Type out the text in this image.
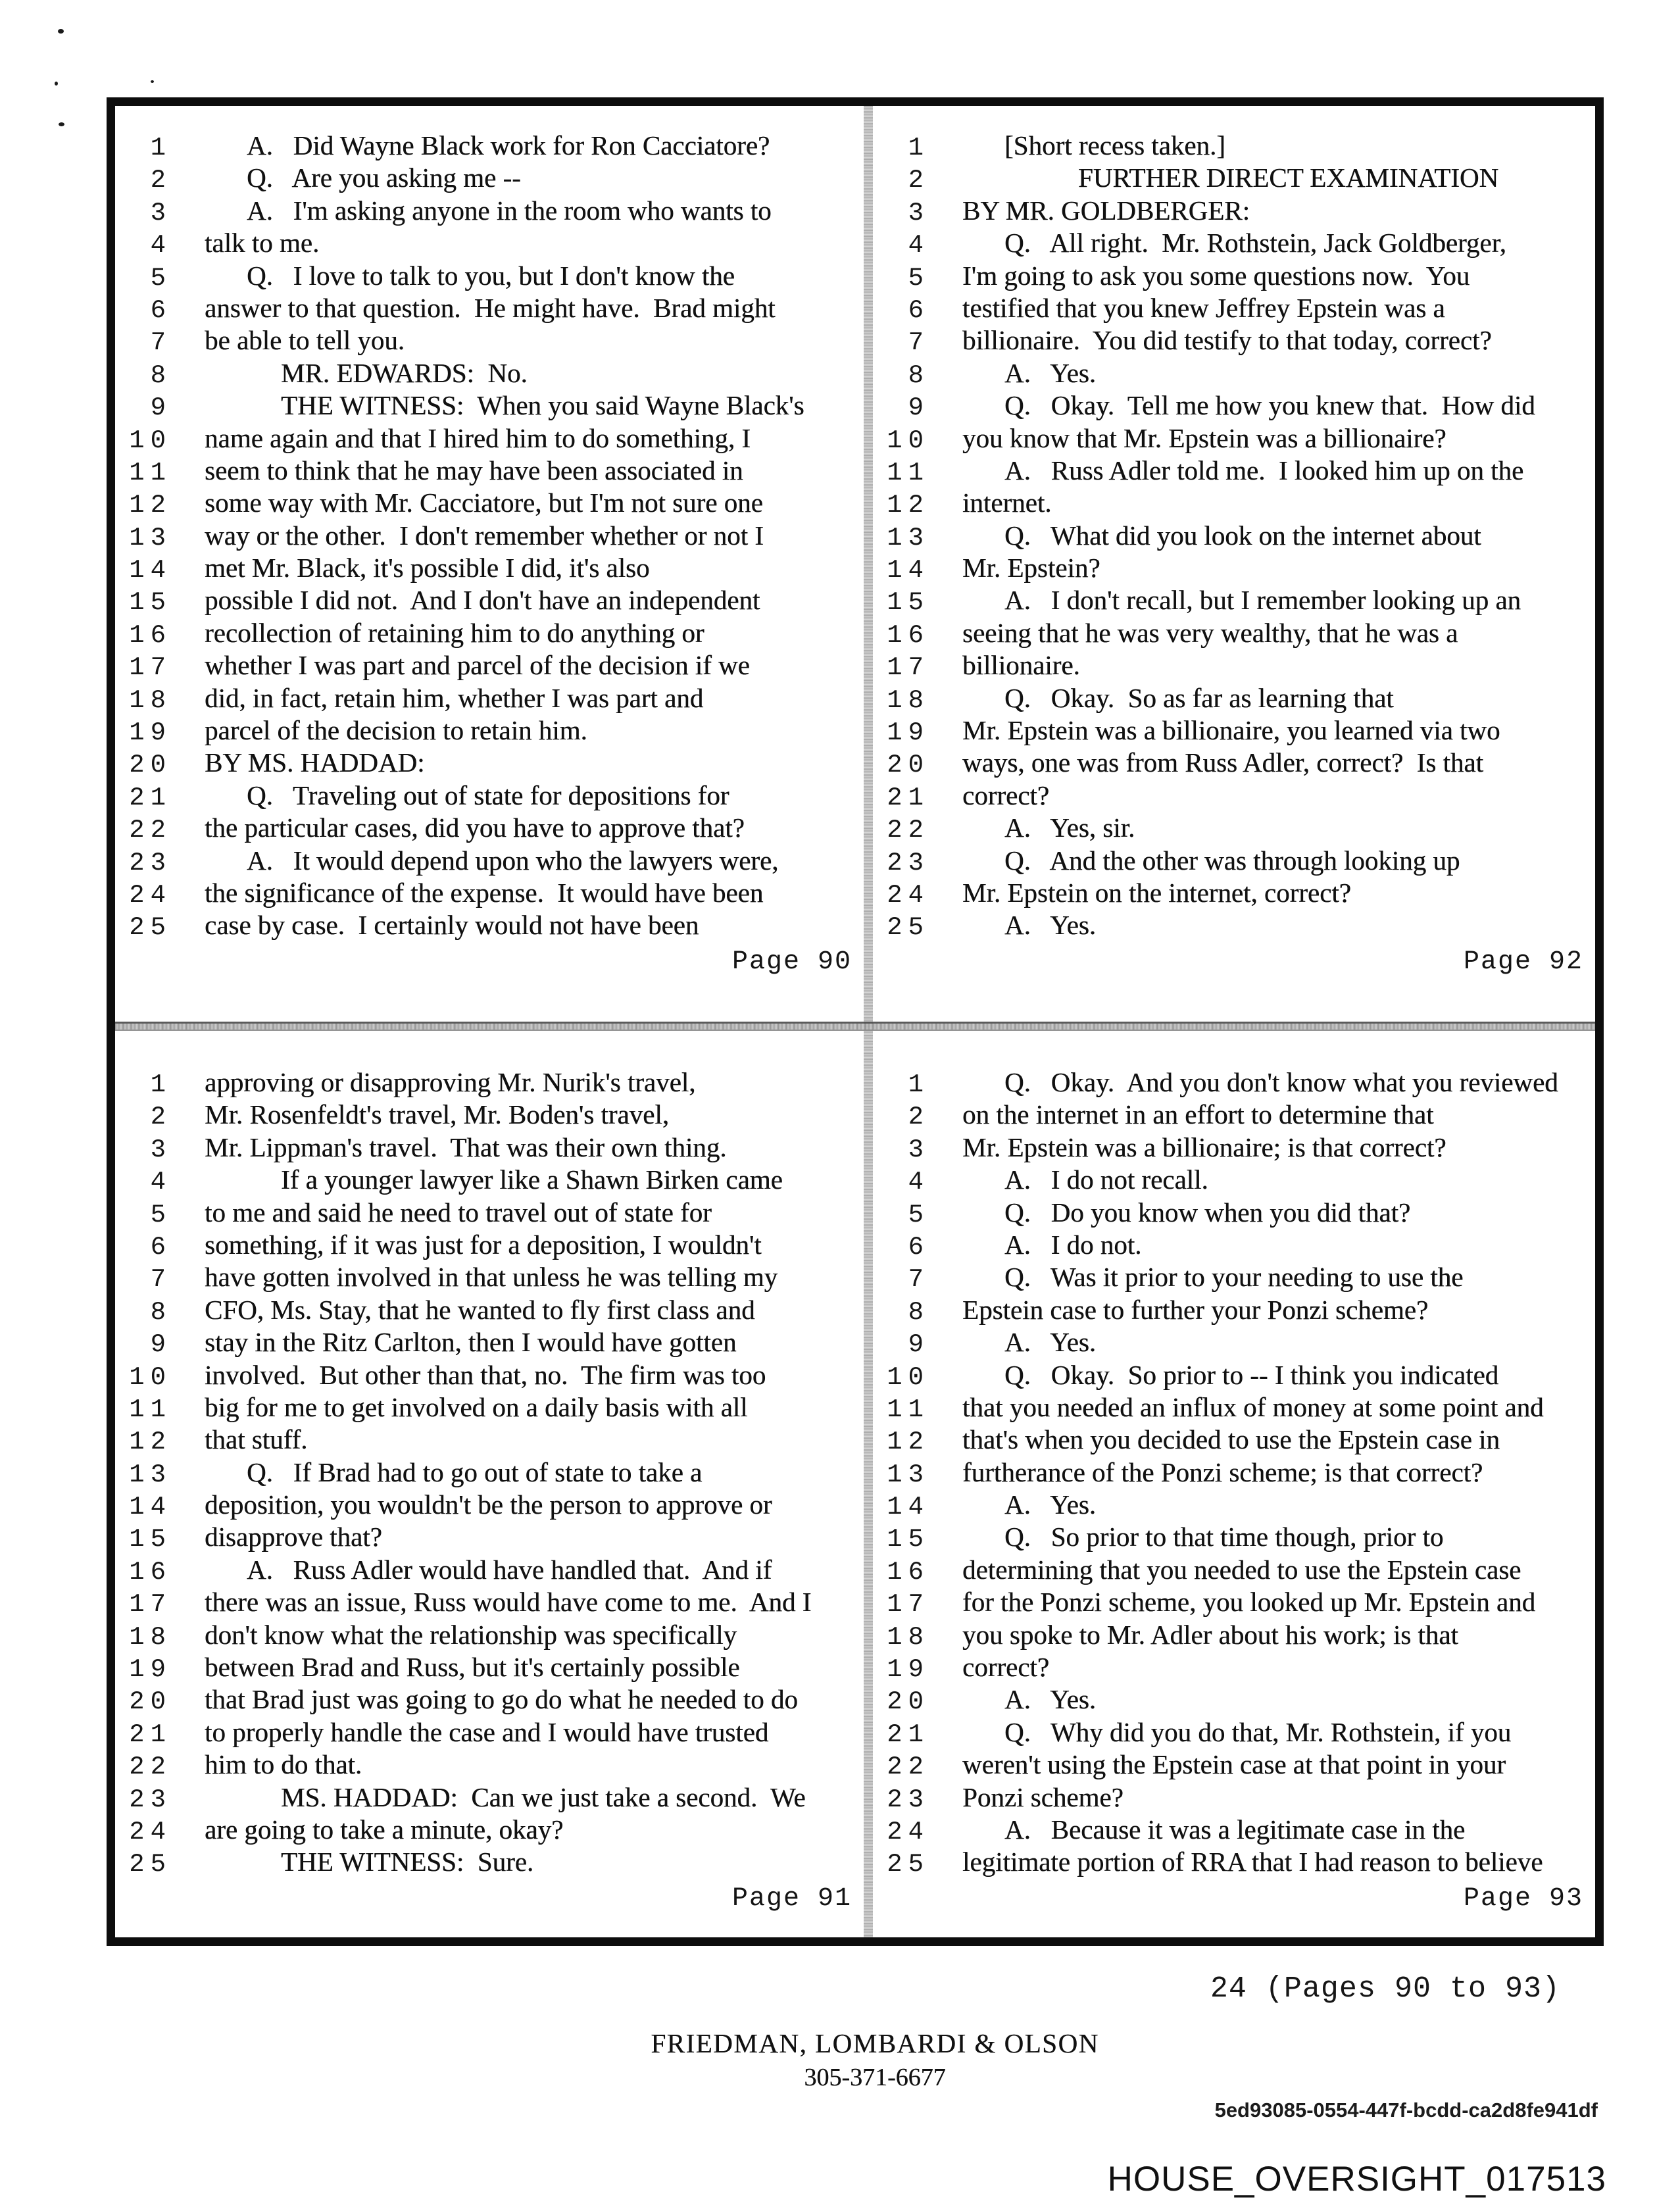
1	A.   Did Wayne Black work for Ron Cacciatore?
2	Q.   Are you asking me --
3	A.   I'm asking anyone in the room who wants to
4 talk to me.
5	Q.   I love to talk to you, but I don't know the
6 answer to that question.  He might have.  Brad might
7 be able to tell you.
8	MR. EDWARDS:  No.
9	THE WITNESS:  When you said Wayne Black's
10 name again and that I hired him to do something, I
11 seem to think that he may have been associated in
12 some way with Mr. Cacciatore, but I'm not sure one
13 way or the other.  I don't remember whether or not I
14 met Mr. Black, it's possible I did, it's also
15 possible I did not.  And I don't have an independent
16 recollection of retaining him to do anything or
17 whether I was part and parcel of the decision if we
18 did, in fact, retain him, whether I was part and
19 parcel of the decision to retain him.
20 BY MS. HADDAD:
21	Q.   Traveling out of state for depositions for
22 the particular cases, did you have to approve that?
23	A.   It would depend upon who the lawyers were,
24 the significance of the expense.  It would have been
25 case by case.  I certainly would not have been
Page 90
1	[Short recess taken.]
2	FURTHER DIRECT EXAMINATION
3 BY MR. GOLDBERGER:
4	Q.   All right.  Mr. Rothstein, Jack Goldberger,
5 I'm going to ask you some questions now.  You
6 testified that you knew Jeffrey Epstein was a
7 billionaire.  You did testify to that today, correct?
8	A.   Yes.
9	Q.   Okay.  Tell me how you knew that.  How did
10 you know that Mr. Epstein was a billionaire?
11	A.   Russ Adler told me.  I looked him up on the
12 internet.
13	Q.   What did you look on the internet about
14 Mr. Epstein?
15	A.   I don't recall, but I remember looking up an
16 seeing that he was very wealthy, that he was a
17 billionaire.
18	Q.   Okay.  So as far as learning that
19 Mr. Epstein was a billionaire, you learned via two
20 ways, one was from Russ Adler, correct?  Is that
21 correct?
22	A.   Yes, sir.
23	Q.   And the other was through looking up
24 Mr. Epstein on the internet, correct?
25	A.   Yes.
Page 92
1 approving or disapproving Mr. Nurik's travel,
2 Mr. Rosenfeldt's travel, Mr. Boden's travel,
3 Mr. Lippman's travel.  That was their own thing.
4	If a younger lawyer like a Shawn Birken came
5 to me and said he need to travel out of state for
6 something, if it was just for a deposition, I wouldn't
7 have gotten involved in that unless he was telling my
8 CFO, Ms. Stay, that he wanted to fly first class and
9 stay in the Ritz Carlton, then I would have gotten
10 involved.  But other than that, no.  The firm was too
11 big for me to get involved on a daily basis with all
12 that stuff.
13	Q.   If Brad had to go out of state to take a
14 deposition, you wouldn't be the person to approve or
15 disapprove that?
16	A.   Russ Adler would have handled that.  And if
17 there was an issue, Russ would have come to me.  And I
18 don't know what the relationship was specifically
19 between Brad and Russ, but it's certainly possible
20 that Brad just was going to go do what he needed to do
21 to properly handle the case and I would have trusted
22 him to do that.
23	MS. HADDAD:  Can we just take a second.  We
24 are going to take a minute, okay?
25	THE WITNESS:  Sure.
Page 91
1	Q.   Okay.  And you don't know what you reviewed
2 on the internet in an effort to determine that
3 Mr. Epstein was a billionaire; is that correct?
4	A.   I do not recall.
5	Q.   Do you know when you did that?
6	A.   I do not.
7	Q.   Was it prior to your needing to use the
8 Epstein case to further your Ponzi scheme?
9	A.   Yes.
10	Q.   Okay.  So prior to -- I think you indicated
11 that you needed an influx of money at some point and
12 that's when you decided to use the Epstein case in
13 furtherance of the Ponzi scheme; is that correct?
14	A.   Yes.
15	Q.   So prior to that time though, prior to
16 determining that you needed to use the Epstein case
17 for the Ponzi scheme, you looked up Mr. Epstein and
18 you spoke to Mr. Adler about his work; is that
19 correct?
20	A.   Yes.
21	Q.   Why did you do that, Mr. Rothstein, if you
22 weren't using the Epstein case at that point in your
23 Ponzi scheme?
24	A.   Because it was a legitimate case in the
25 legitimate portion of RRA that I had reason to believe
Page 93
24 (Pages 90 to 93)
FRIEDMAN, LOMBARDI & OLSON
305-371-6677
5ed93085-0554-447f-bcdd-ca2d8fe941df
HOUSE_OVERSIGHT_017513
